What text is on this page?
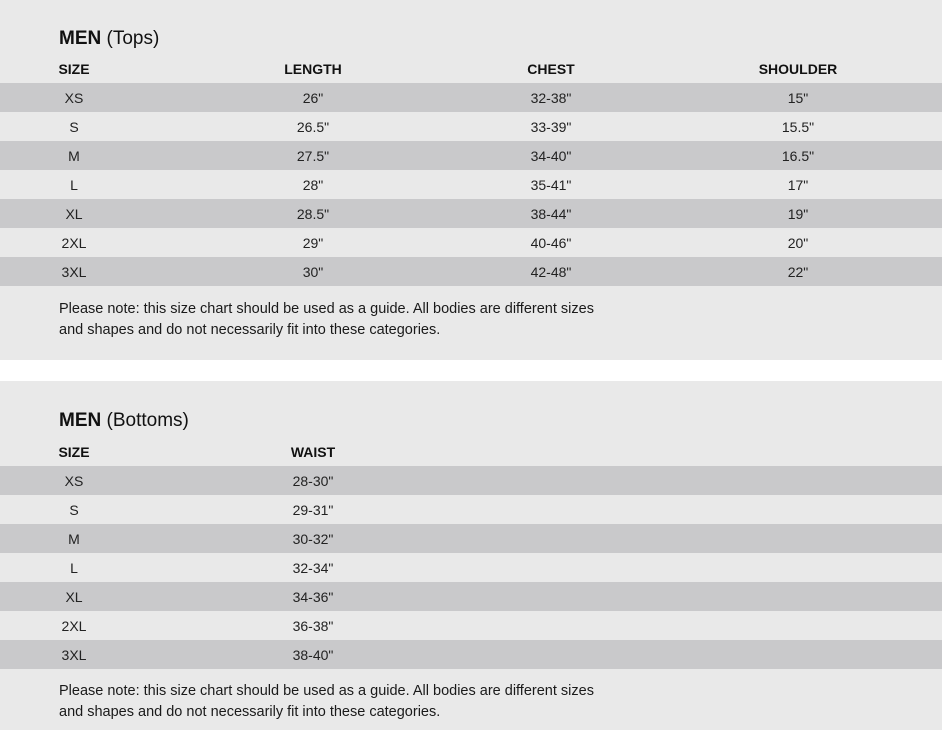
MEN (Tops)
SIZE	LENGTH	CHEST	SHOULDER
XS	26"	32-38"	15"
S	26.5"	33-39"	15.5"
M	27.5"	34-40"	16.5"
L	28"	35-41"	17"
XL	28.5"	38-44"	19"
2XL	29"	40-46"	20"
3XL	30"	42-48"	22"
Please note: this size chart should be used as a guide. All bodies are different sizes
and shapes and do not necessarily fit into these categories.
MEN (Bottoms)
SIZE	WAIST
XS	28-30"
S	29-31"
M	30-32"
L	32-34"
XL	34-36"
2XL	36-38"
3XL	38-40"
Please note: this size chart should be used as a guide. All bodies are different sizes
and shapes and do not necessarily fit into these categories.
